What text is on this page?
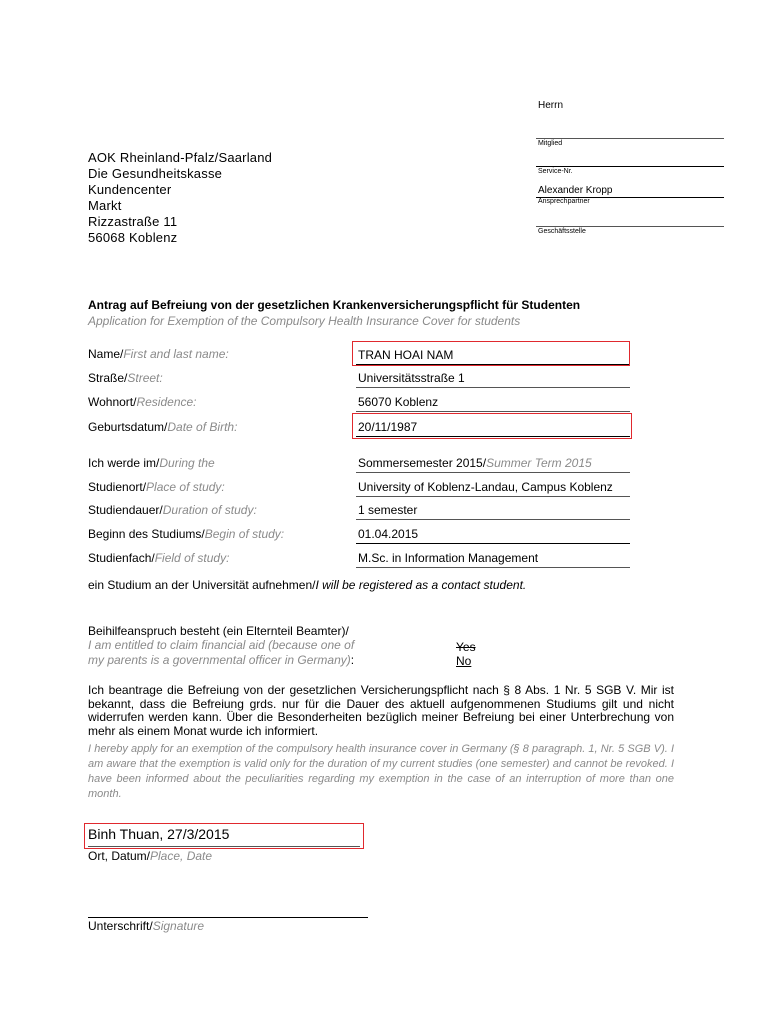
Herrn
Mitglied
Service-Nr.
Alexander Kropp
Ansprechpartner
Geschäftsstelle
AOK Rheinland-Pfalz/Saarland
Die Gesundheitskasse
Kundencenter
Markt
Rizzastraße 11
56068 Koblenz
Antrag auf Befreiung von der gesetzlichen Krankenversicherungspflicht für Studenten
Application for Exemption of the Compulsory Health Insurance Cover for students
Name/First and last name:	TRAN HOAI NAM
Straße/Street:	Universitätsstraße 1
Wohnort/Residence:	56070 Koblenz
Geburtsdatum/Date of Birth:	20/11/1987
Ich werde im/During the	Sommersemester 2015/Summer Term 2015
Studienort/Place of study:	University of Koblenz-Landau, Campus Koblenz
Studiendauer/Duration of study:	1 semester
Beginn des Studiums/Begin of study:	01.04.2015
Studienfach/Field of study:	M.Sc. in Information Management
ein Studium an der Universität aufnehmen/I will be registered as a contact student.
Beihilfeanspruch besteht (ein Elternteil Beamter)/
I am entitled to claim financial aid (because one of
my parents is a governmental officer in Germany):
Yes
No
Ich beantrage die Befreiung von der gesetzlichen Versicherungspflicht nach § 8 Abs. 1 Nr. 5 SGB V. Mir ist bekannt, dass die Befreiung grds. nur für die Dauer des aktuell aufgenommenen Studiums gilt und nicht widerrufen werden kann. Über die Besonderheiten bezüglich meiner Befreiung bei einer Unterbrechung von mehr als einem Monat wurde ich informiert.
I hereby apply for an exemption of the compulsory health insurance cover in Germany (§ 8 paragraph. 1, Nr. 5 SGB V). I am aware that the exemption is valid only for the duration of my current studies (one semester) and cannot be revoked. I have been informed about the peculiarities regarding my exemption in the case of an interruption of more than one month.
Binh Thuan, 27/3/2015
Ort, Datum/Place, Date
Unterschrift/Signature
